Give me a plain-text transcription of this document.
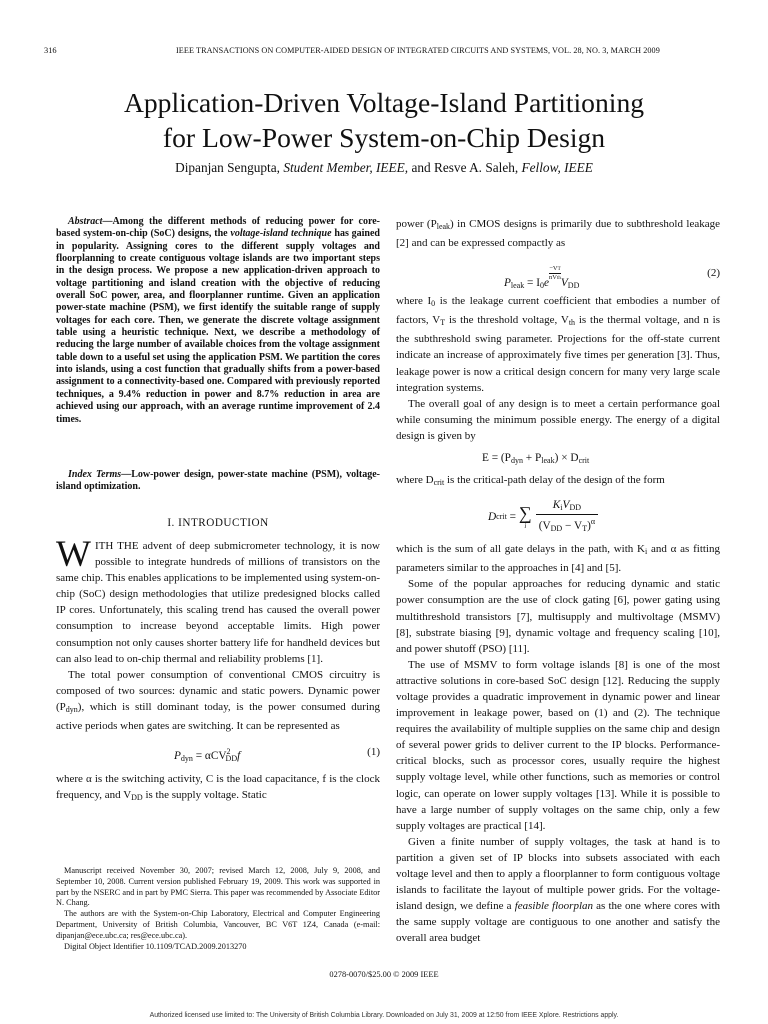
316	IEEE TRANSACTIONS ON COMPUTER-AIDED DESIGN OF INTEGRATED CIRCUITS AND SYSTEMS, VOL. 28, NO. 3, MARCH 2009
Application-Driven Voltage-Island Partitioning
for Low-Power System-on-Chip Design
Dipanjan Sengupta, Student Member, IEEE, and Resve A. Saleh, Fellow, IEEE

Abstract—Among the different methods of reducing power for core-based system-on-chip (SoC) designs, the voltage-island technique has gained in popularity. Assigning cores to the different supply voltages and floorplanning to create contiguous voltage islands are two important steps in the design process. We propose a new application-driven approach to voltage partitioning and island creation with the objective of reducing overall SoC power, area, and floorplanner runtime. Given an application power-state machine (PSM), we first identify the suitable range of supply voltages for each core. Then, we generate the discrete voltage assignment table using a heuristic technique. Next, we describe a methodology of reducing the large number of available choices from the voltage assignment table down to a useful set using the application PSM. We partition the cores into islands, using a cost function that gradually shifts from a power-based assignment to a connectivity-based one. Compared with previously reported techniques, a 9.4% reduction in power and 8.7% reduction in area are achieved using our approach, with an average runtime improvement of 2.4 times.

Index Terms—Low-power design, power-state machine (PSM), voltage-island optimization.

I. INTRODUCTION

WITH THE advent of deep submicrometer technology, it is now possible to integrate hundreds of millions of transistors on the same chip. This enables applications to be implemented using system-on-chip (SoC) design methodologies that utilize predesigned blocks called IP cores. Unfortunately, this scaling trend has caused the overall power consumption to increase beyond acceptable limits. High power consumption not only causes shorter battery life for handheld devices but can also lead to on-chip thermal and reliability problems [1].

The total power consumption of conventional CMOS circuitry is composed of two sources: dynamic and static powers. Dynamic power $(P_{dyn})$, which is still dominant today, is the power consumed during active periods when gates are switching. It can be represented as

$P_{dyn} = \alpha CV^2_{DD}f$	(1)

where α is the switching activity, C is the load capacitance, f is the clock frequency, and $V_{DD}$ is the supply voltage. Static

power $(P_{leak})$ in CMOS designs is primarily due to subthreshold leakage [2] and can be expressed compactly as

$P_{leak} = I_0e$
−VT
nVth $V_{DD}$
(2)

where $I_0$ is the leakage current coefficient that embodies a number of factors, $V_T$ is the threshold voltage, $V_{th}$ is the thermal voltage, and n is the subthreshold swing parameter. Projections for the off-state current indicate an increase of approximately five times per generation [3]. Thus, leakage power is now a critical design concern for many very large scale integration systems.

The overall goal of any design is to meet a certain performance goal while consuming the minimum possible energy. The energy of a digital design is given by

$E = (P_{dyn} + P_{leak}) \times D_{crit}$

where $D_{crit}$ is the critical-path delay of the design of the form

D crit = ∑
i $\frac{K_iV_{DD}}{(V_{DD} - V_T)^\alpha}$

which is the sum of all gate delays in the path, with $K_i$ and α as fitting parameters similar to the approaches in [4] and [5].

Some of the popular approaches for reducing dynamic and static power consumption are the use of clock gating [6], power gating using multithreshold transistors [7], multisupply and multivoltage (MSMV) [8], substrate biasing [9], dynamic voltage and frequency scaling [10], and power shutoff (PSO) [11].

The use of MSMV to form voltage islands [8] is one of the most attractive solutions in core-based SoC design [12]. Reducing the supply voltage provides a quadratic improvement in dynamic power and linear improvement in leakage power, based on (1) and (2). The technique requires the availability of multiple supplies on the same chip and design of several power grids to deliver current to the IP blocks. Performance-critical blocks, such as processor cores, usually require the highest supply voltage level, while other functions, such as memories or control logic, can operate on lower supply voltages [13]. While it is possible to have a large number of supply voltages on the same chip, only a few supply voltages are practical [14].

Given a finite number of supply voltages, the task at hand is to partition a given set of IP blocks into subsets associated with each voltage level and then to apply a floorplanner to form contiguous voltage islands to facilitate the layout of multiple power grids. For the voltage-island design, we define a feasible floorplan as the one where cores with the same supply voltage are contiguous to one another and satisfy the overall area budget

Manuscript received November 30, 2007; revised March 12, 2008, July 9, 2008, and September 10, 2008. Current version published February 19, 2009. This work was supported in part by the NSERC and in part by PMC Sierra. This paper was recommended by Associate Editor N. Chang.

The authors are with the System-on-Chip Laboratory, Electrical and Computer Engineering Department, University of British Columbia, Vancouver, BC V6T 1Z4, Canada (e-mail: dipanjan@ece.ubc.ca; res@ece.ubc.ca).

Digital Object Identifier 10.1109/TCAD.2009.2013270

0278-0070/$25.00 © 2009 IEEE
Authorized licensed use limited to: The University of British Columbia Library. Downloaded on July 31, 2009 at 12:50 from IEEE Xplore. Restrictions apply.
